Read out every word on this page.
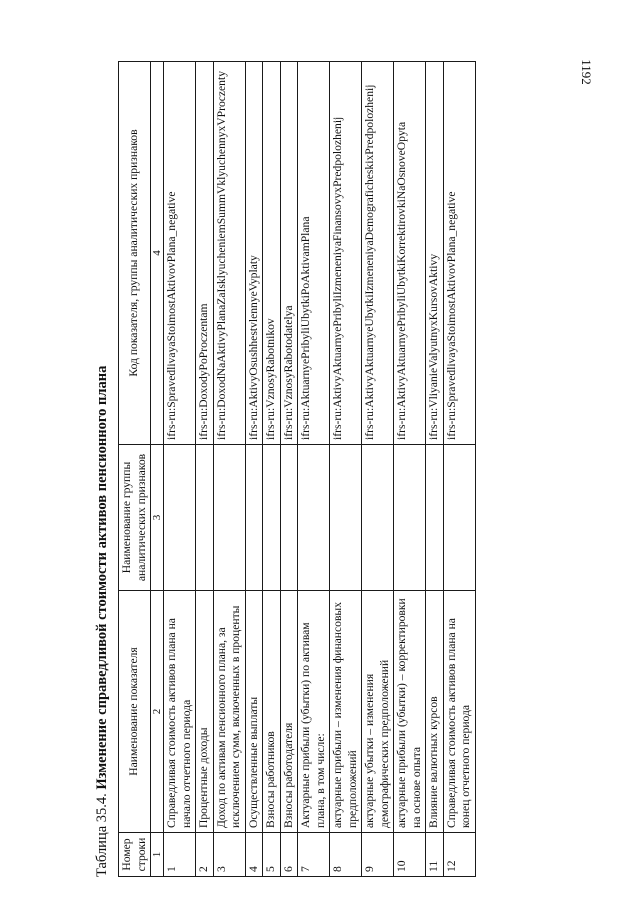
1192
Таблица 35.4. Изменение справедливой стоимости активов пенсионного плана
Номер строки	Наименование показателя	Наименование группы аналитических признаков	Код показателя, группы аналитических признаков
1	2	3	4
1	Справедливая стоимость активов плана на начало отчетного периода		ifrs-ru:SpravedlivayaStoimostAktivovPlana_negative
2	Процентные доходы		ifrs-ru:DoxodyPoProczentam
3	Доход по активам пенсионного плана, за исключением сумм, включенных в проценты		ifrs-ru:DoxodNaAktivyPlanaZaIsklyucheniemSummVklyuchennyxVProczenty
4	Осуществленные выплаты		ifrs-ru:AktivyOsushhestvlennyeVyplaty
5	Взносы работников		ifrs-ru:VznosyRabotnikov
6	Взносы работодателя		ifrs-ru:VznosyRabotodatelya
7	Актуарные прибыли (убытки) по активам плана, в том числе:		ifrs-ru:AktuarnyePribyliUbytkiPoAktivamPlana
8	актуарные прибыли – изменения финансовых предположений		ifrs-ru:AktivyAktuarnyePribyliIzmeneniyaFinansovyxPredpolozhenij
9	актуарные убытки – изменения демографических предположений		ifrs-ru:AktivyAktuarnyeUbytkiIzmeneniyaDemograficheskixPredpolozhenij
10	актуарные прибыли (убытки) – корректировки на основе опыта		ifrs-ru:AktivyAktuarnyePribyliUbytkiKorrektirovkiNaOsnoveOpyta
11	Влияние валютных курсов		ifrs-ru:VliyanieValyutnyxKursovAktivy
12	Справедливая стоимость активов плана на конец отчетного периода		ifrs-ru:SpravedlivayaStoimostAktivovPlana_negative
